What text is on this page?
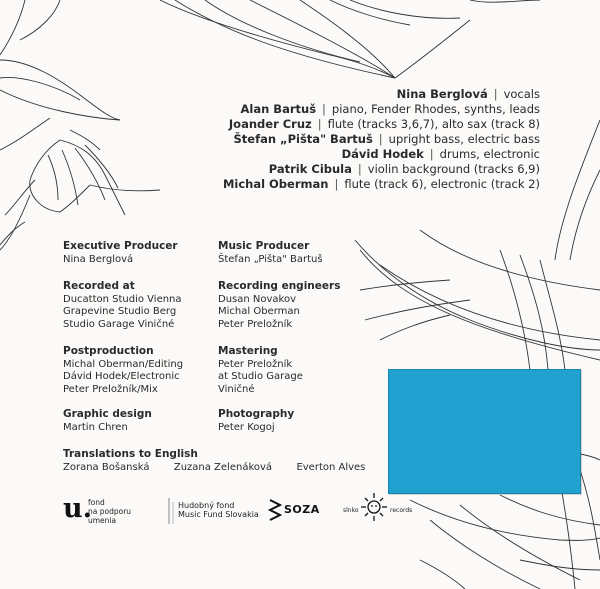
Nina Berglová | vocals
Alan Bartuš | piano, Fender Rhodes, synths, leads
Joander Cruz | flute (tracks 3,6,7), alto sax (track 8)
Štefan „Pišta" Bartuš | upright bass, electric bass
Dávid Hodek | drums, electronic
Patrik Cibula | violin background (tracks 6,9)
Michal Oberman | flute (track 6), electronic (track 2)
Executive Producer
Nina Berglová
Music Producer
Štefan „Pišta" Bartuš
Recorded at
Ducatton Studio Vienna
Grapevine Studio Berg
Studio Garage Viničné
Recording engineers
Dusan Novakov
Michal Oberman
Peter Preložník
Postproduction
Michal Oberman/Editing
Dávid Hodek/Electronic
Peter Preložník/Mix
Mastering
Peter Preložník
at Studio Garage
Viničné
Graphic design
Martin Chren
Photography
Peter Kogoj
Translations to English
Zorana Bošanská Zuzana Zelenáková Everton Alves
u.
fond
na podporu
umenia
Hudobný fond
Music Fund Slovakia SOZA	slnko	records
